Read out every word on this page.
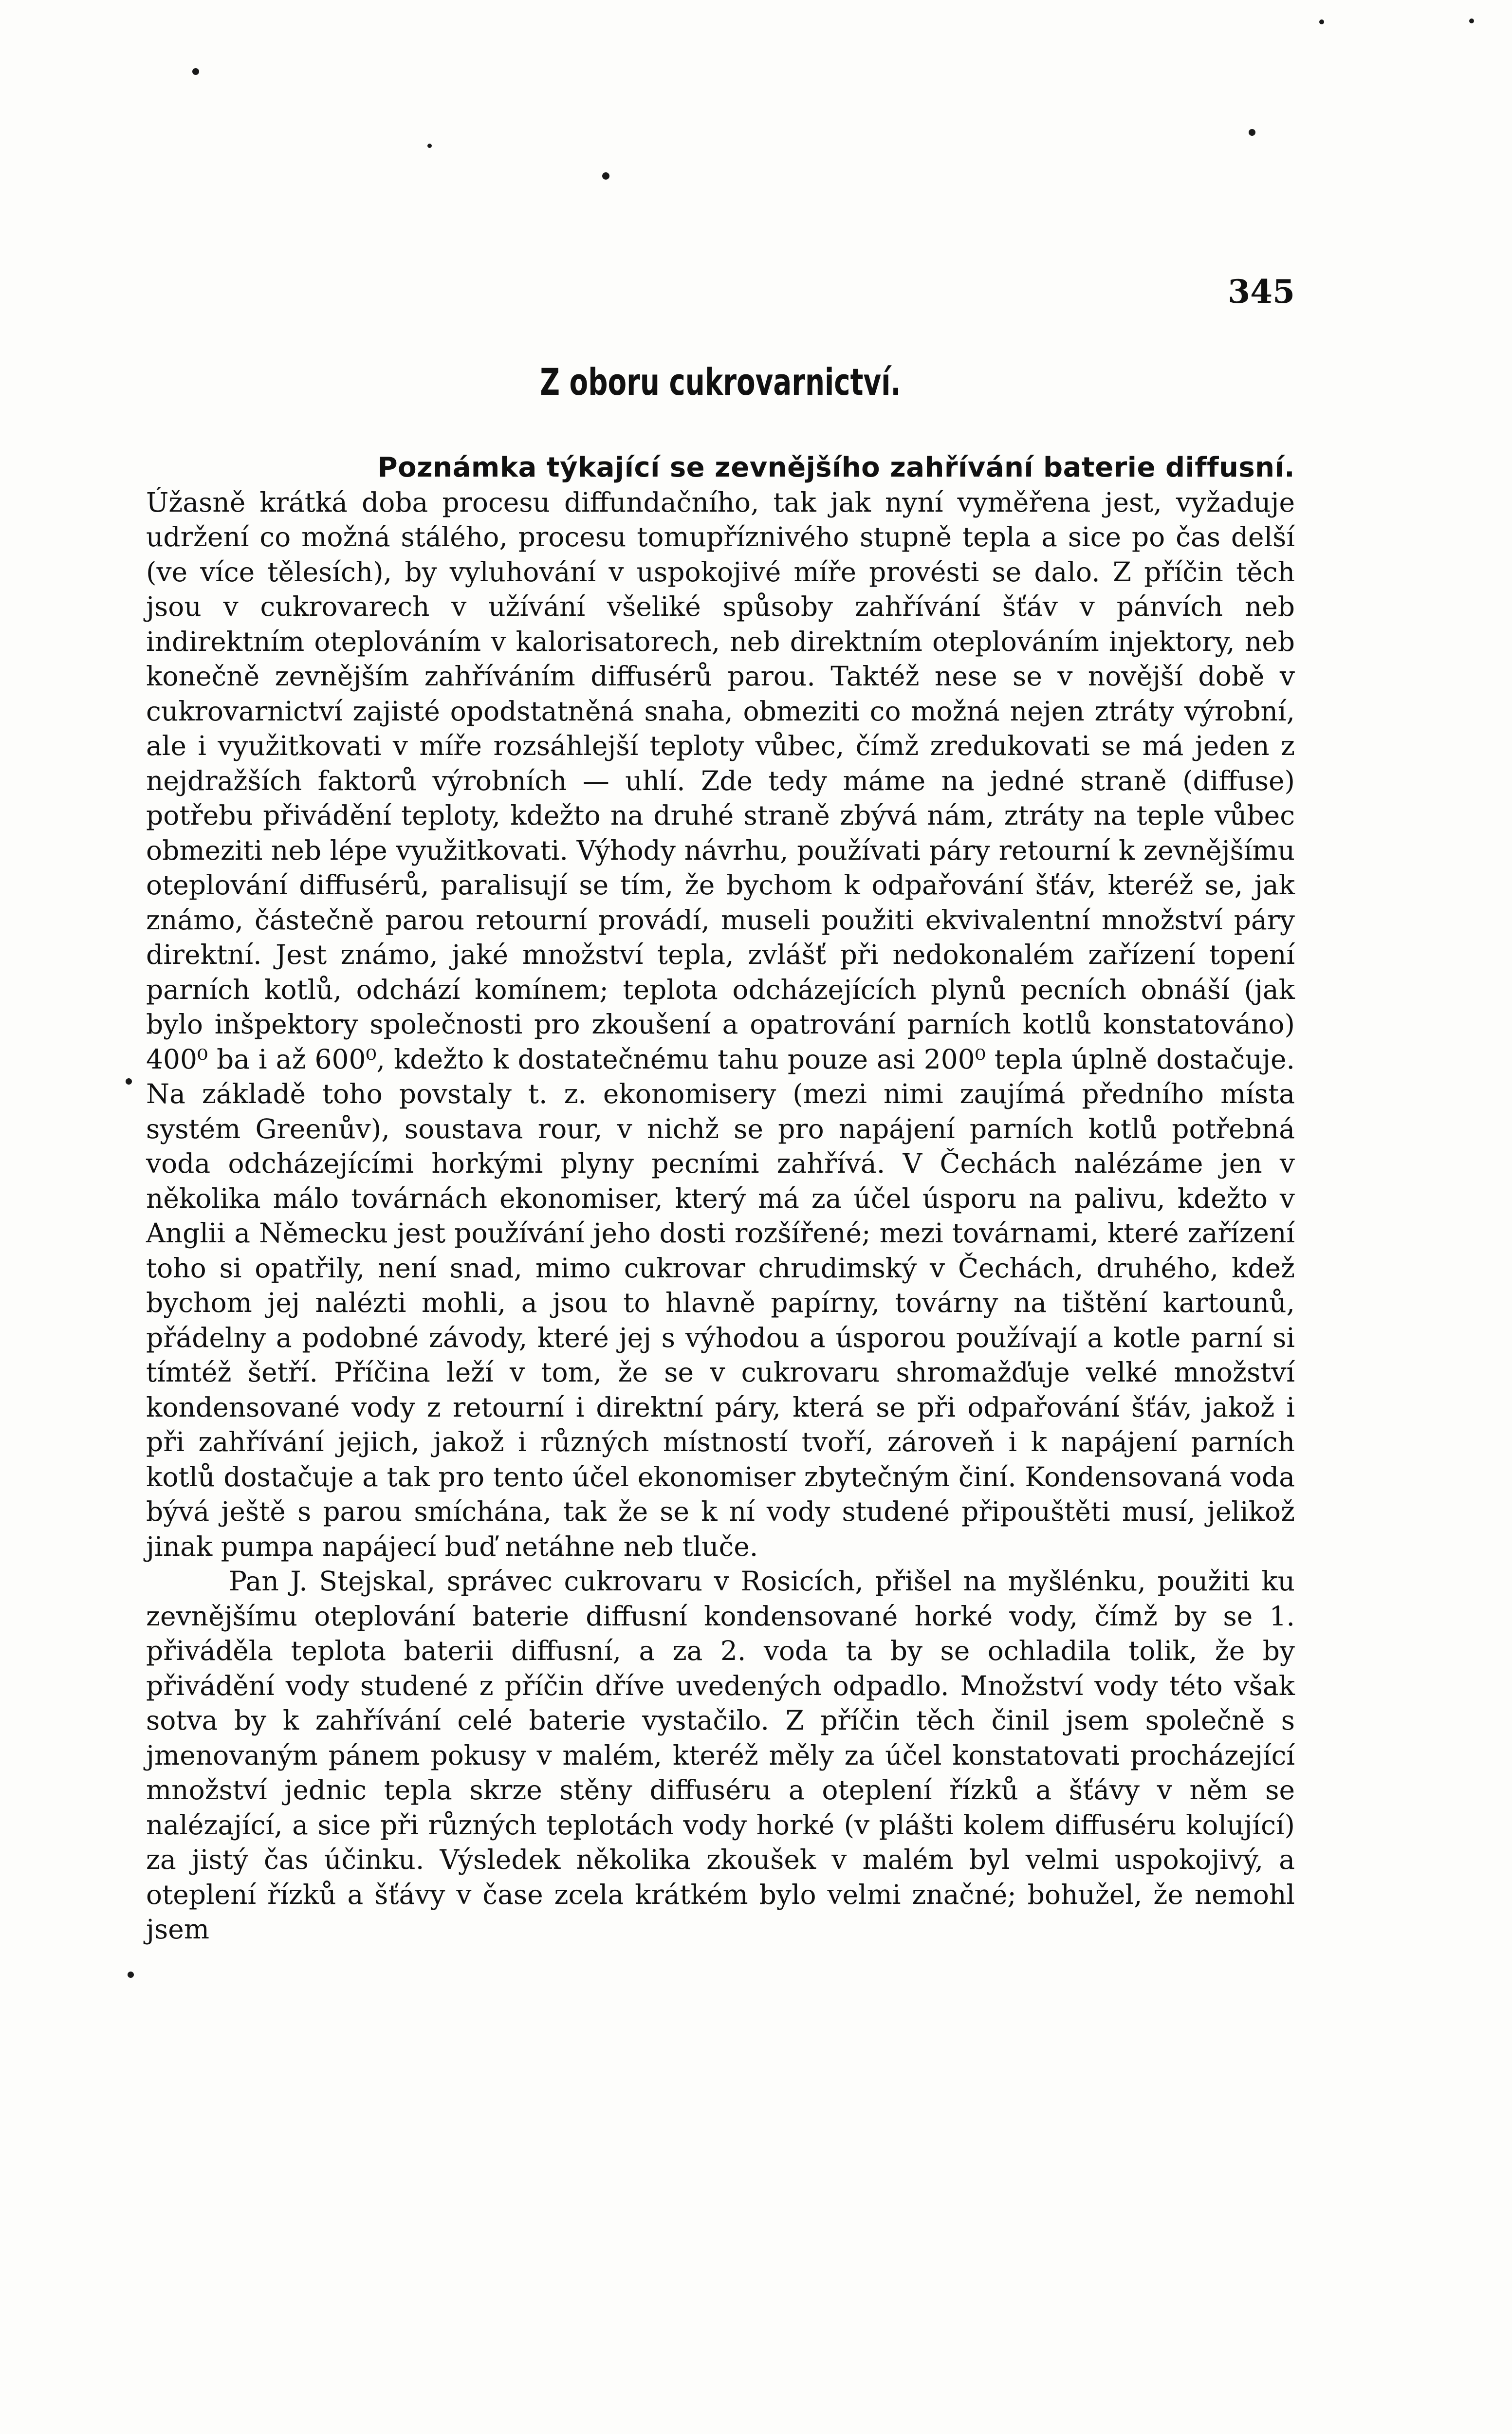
345
Z oboru cukrovarnictví.
Poznámka týkající se zevnějšího zahřívání baterie diffusní.

Úžasně krátká doba procesu diffundačního, tak jak nyní vyměřena jest, vyžaduje udržení co možná stálého, procesu tomupříznivého stupně tepla a sice po čas delší (ve více tělesích), by vyluhování v uspokojivé míře provésti se dalo. Z příčin těch jsou v cukrovarech v užívání všeliké spůsoby zahřívání šťáv v pánvích neb indirektním oteplováním v kalorisatorech, neb direktním oteplováním injektory, neb konečně zevnějším zahříváním diffusérů parou. Taktéž nese se v novější době v cukrovarnictví zajisté opodstatněná snaha, obmeziti co možná nejen ztráty výrobní, ale i využitkovati v míře rozsáhlejší teploty vůbec, čímž zredukovati se má jeden z nejdražších faktorů výrobních — uhlí. Zde tedy máme na jedné straně (diffuse) potřebu přivádění teploty, kdežto na druhé straně zbývá nám, ztráty na teple vůbec obmeziti neb lépe využitkovati. Výhody návrhu, používati páry retourní k zevnějšímu oteplování diffusérů, paralisují se tím, že bychom k odpařování šťáv, kteréž se, jak známo, částečně parou retourní provádí, museli použiti ekvivalentní množství páry direktní. Jest známo, jaké množství tepla, zvlášť při nedokonalém zařízení topení parních kotlů, odchází komínem; teplota odcházejících plynů pecních obnáší (jak bylo inšpektory společnosti pro zkoušení a opatrování parních kotlů konstatováno) 400⁰ ba i až 600⁰, kdežto k dostatečnému tahu pouze asi 200⁰ tepla úplně dostačuje. Na základě toho povstaly t. z. ekonomisery (mezi nimi zaujímá předního místa systém Greenův), soustava rour, v nichž se pro napájení parních kotlů potřebná voda odcházejícími horkými plyny pecními zahřívá. V Čechách nalézáme jen v několika málo továrnách ekonomiser, který má za účel úsporu na palivu, kdežto v Anglii a Německu jest používání jeho dosti rozšířené; mezi továrnami, které zařízení toho si opatřily, není snad, mimo cukrovar chrudimský v Čechách, druhého, kdež bychom jej nalézti mohli, a jsou to hlavně papírny, továrny na tištění kartounů, přádelny a podobné závody, které jej s výhodou a úsporou používají a kotle parní si tímtéž šetří. Příčina leží v tom, že se v cukrovaru shromažďuje velké množství kondensované vody z retourní i direktní páry, která se při odpařování šťáv, jakož i při zahřívání jejich, jakož i různých místností tvoří, zároveň i k napájení parních kotlů dostačuje a tak pro tento účel ekonomiser zbytečným činí. Kondensovaná voda bývá ještě s parou smíchána, tak že se k ní vody studené připouštěti musí, jelikož jinak pumpa napájecí buď netáhne neb tluče.

Pan J. Stejskal, správec cukrovaru v Rosicích, přišel na myšlénku, použiti ku zevnějšímu oteplování baterie diffusní kondensované horké vody, čímž by se 1. přiváděla teplota baterii diffusní, a za 2. voda ta by se ochladila tolik, že by přivádění vody studené z příčin dříve uvedených odpadlo. Množství vody této však sotva by k zahřívání celé baterie vystačilo. Z příčin těch činil jsem společně s jmenovaným pánem pokusy v malém, kteréž měly za účel konstatovati procházející množství jednic tepla skrze stěny diffuséru a oteplení řízků a šťávy v něm se nalézající, a sice při různých teplotách vody horké (v plášti kolem diffuséru kolující) za jistý čas účinku. Výsledek několika zkoušek v malém byl velmi uspokojivý, a oteplení řízků a šťávy v čase zcela krátkém bylo velmi značné; bohužel, že nemohl jsem
